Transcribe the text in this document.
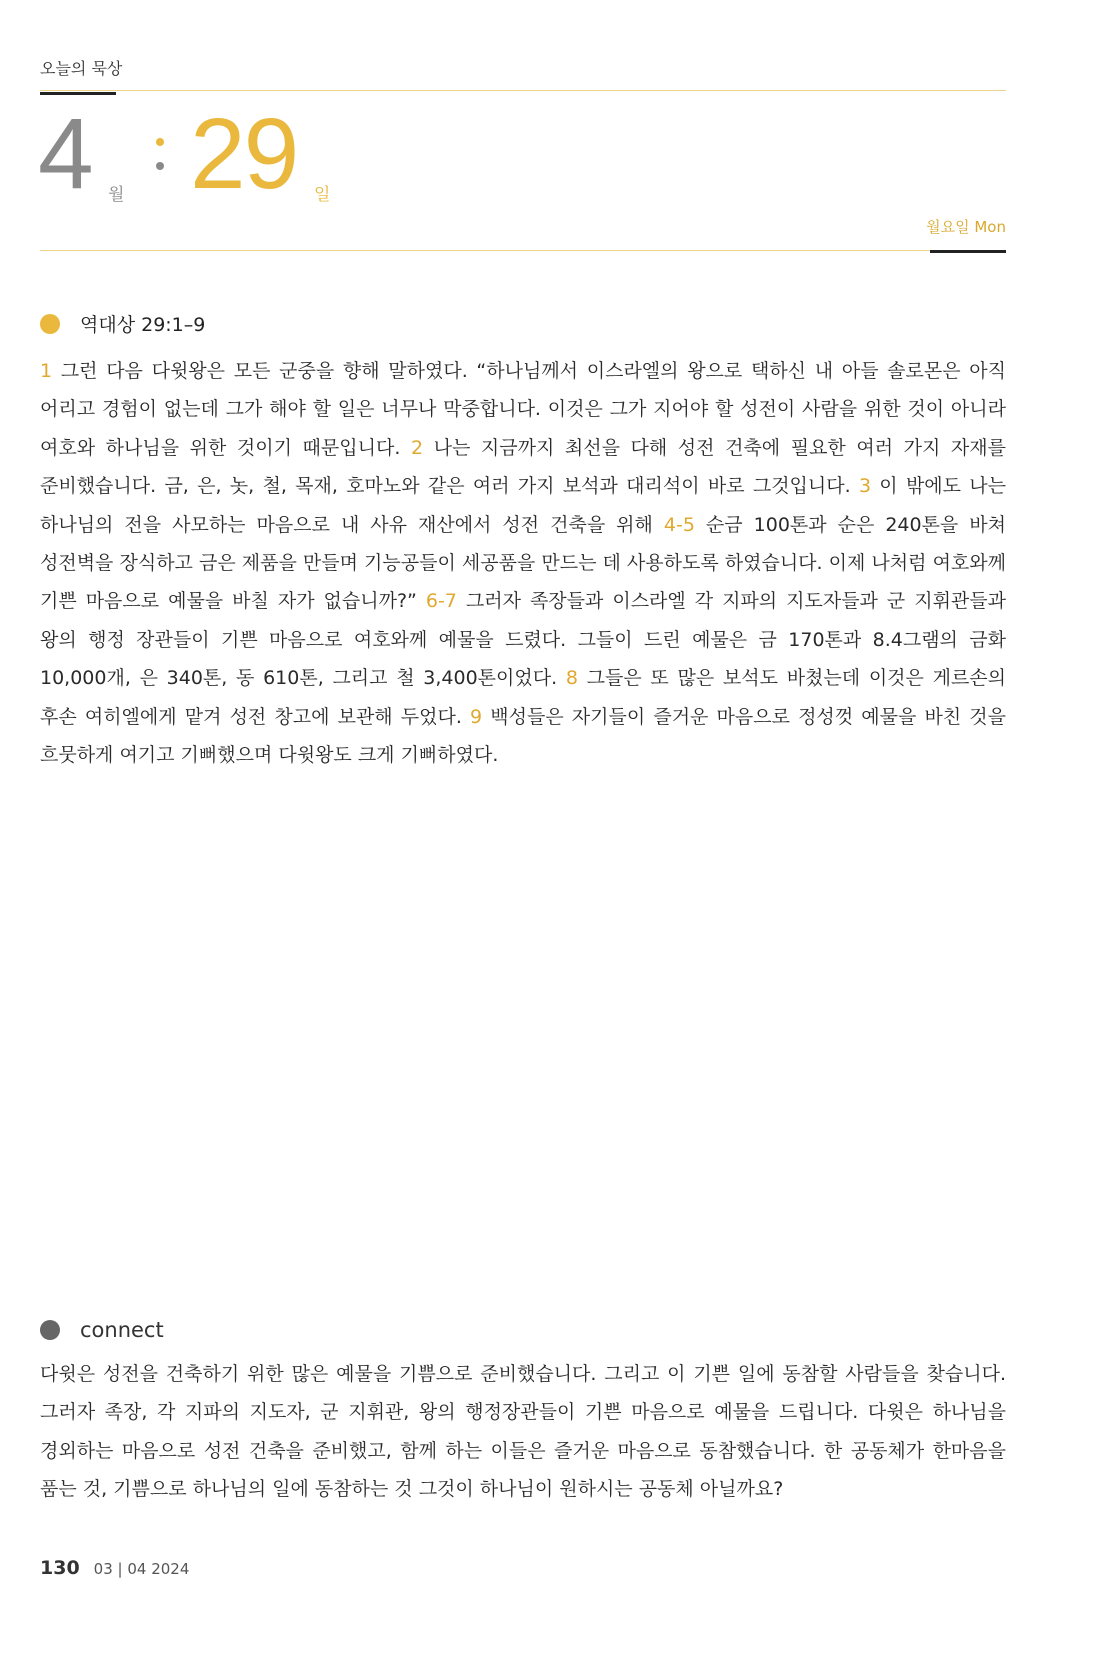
오늘의 묵상
4 월 29 일
월요일 Mon
역대상 29:1–9
1 그런 다음 다윗왕은 모든 군중을 향해 말하였다. “하나님께서 이스라엘의 왕으로 택하신 내 아들 솔로몬은 아직 어리고 경험이 없는데 그가 해야 할 일은 너무나 막중합니다. 이것은 그가 지어야 할 성전이 사람을 위한 것이 아니라 여호와 하나님을 위한 것이기 때문입니다. 2 나는 지금까지 최선을 다해 성전 건축에 필요한 여러 가지 자재를 준비했습니다. 금, 은, 놋, 철, 목재, 호마노와 같은 여러 가지 보석과 대리석이 바로 그것입니다. 3 이 밖에도 나는 하나님의 전을 사모하는 마음으로 내 사유 재산에서 성전 건축을 위해 4-5 순금 100톤과 순은 240톤을 바쳐 성전벽을 장식하고 금은 제품을 만들며 기능공들이 세공품을 만드는 데 사용하도록 하였습니다. 이제 나처럼 여호와께 기쁜 마음으로 예물을 바칠 자가 없습니까?” 6-7 그러자 족장들과 이스라엘 각 지파의 지도자들과 군 지휘관들과 왕의 행정 장관들이 기쁜 마음으로 여호와께 예물을 드렸다. 그들이 드린 예물은 금 170톤과 8.4그램의 금화 10,000개, 은 340톤, 동 610톤, 그리고 철 3,400톤이었다. 8 그들은 또 많은 보석도 바쳤는데 이것은 게르손의 후손 여히엘에게 맡겨 성전 창고에 보관해 두었다. 9 백성들은 자기들이 즐거운 마음으로 정성껏 예물을 바친 것을 흐뭇하게 여기고 기뻐했으며 다윗왕도 크게 기뻐하였다.
connect
다윗은 성전을 건축하기 위한 많은 예물을 기쁨으로 준비했습니다. 그리고 이 기쁜 일에 동참할 사람들을 찾습니다. 그러자 족장, 각 지파의 지도자, 군 지휘관, 왕의 행정장관들이 기쁜 마음으로 예물을 드립니다. 다윗은 하나님을 경외하는 마음으로 성전 건축을 준비했고, 함께 하는 이들은 즐거운 마음으로 동참했습니다. 한 공동체가 한마음을 품는 것, 기쁨으로 하나님의 일에 동참하는 것 그것이 하나님이 원하시는 공동체 아닐까요?
130 03 | 04 2024
